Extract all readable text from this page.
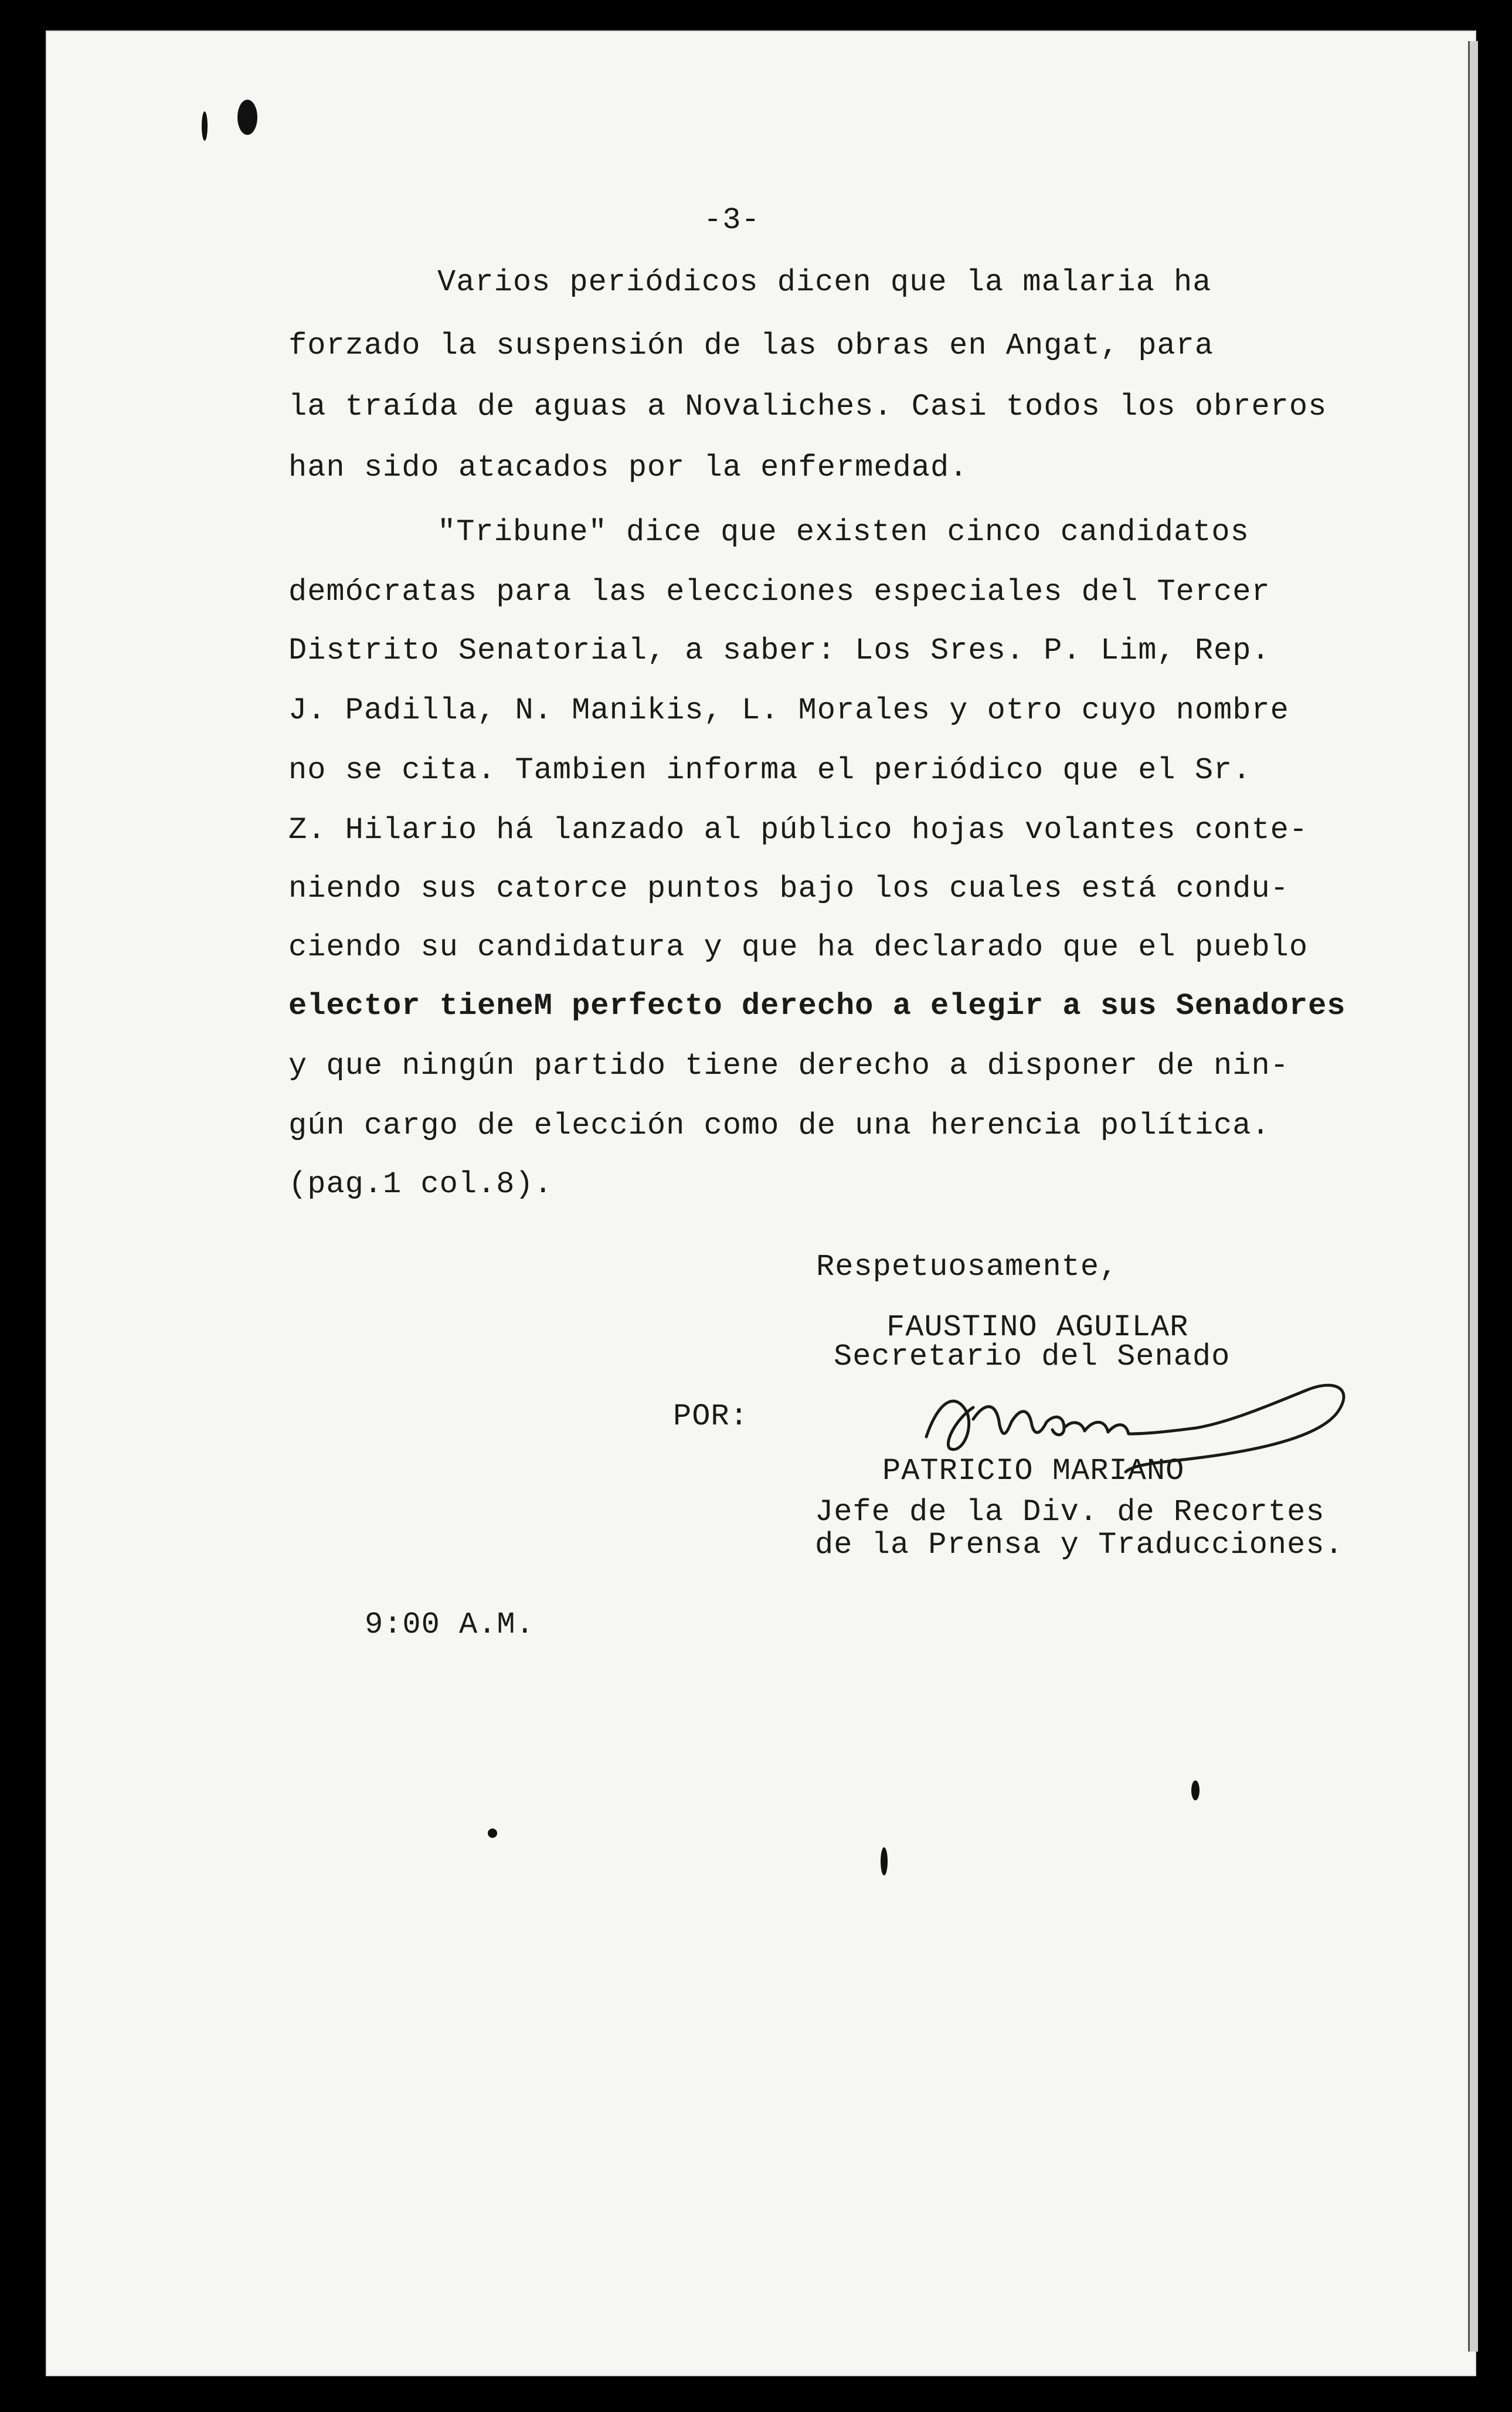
-3-
Varios periódicos dicen que la malaria ha
forzado la suspensión de las obras en Angat, para
la traída de aguas a Novaliches. Casi todos los obreros
han sido atacados por la enfermedad.
"Tribune" dice que existen cinco candidatos
demócratas para las elecciones especiales del Tercer
Distrito Senatorial, a saber: Los Sres. P. Lim, Rep.
J. Padilla, N. Manikis, L. Morales y otro cuyo nombre
no se cita. Tambien informa el periódico que el Sr.
Z. Hilario há lanzado al público hojas volantes conte-
niendo sus catorce puntos bajo los cuales está condu-
ciendo su candidatura y que ha declarado que el pueblo
elector tieneM perfecto derecho a elegir a sus Senadores
y que ningún partido tiene derecho a disponer de nin-
gún cargo de elección como de una herencia política.
(pag.1 col.8).
Respetuosamente,
FAUSTINO AGUILAR
Secretario del Senado
POR:
PATRICIO MARIANO
Jefe de la Div. de Recortes
de la Prensa y Traducciones.
9:00 A.M.
